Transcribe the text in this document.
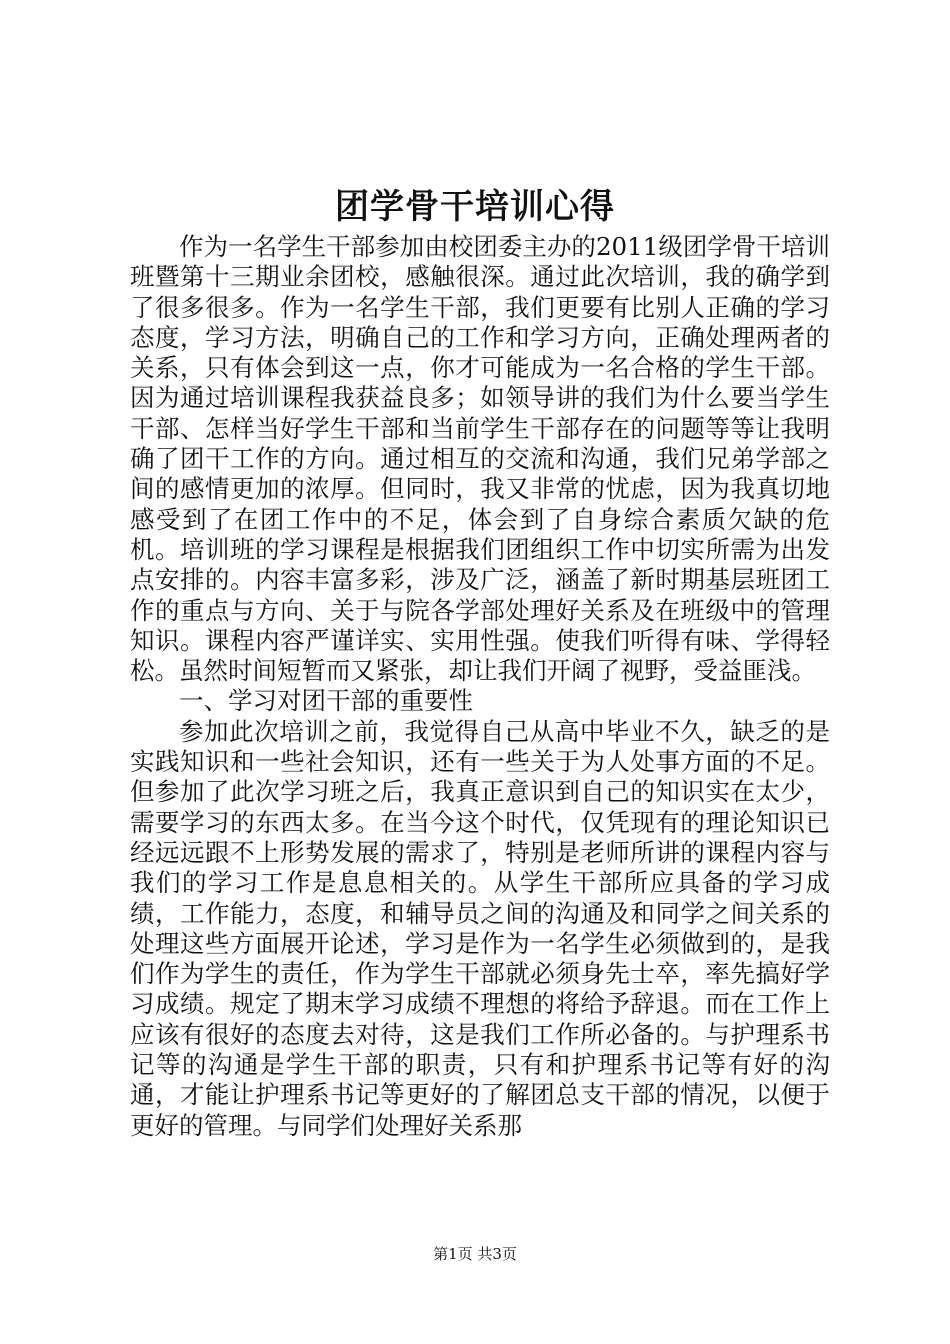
团学骨干培训心得

作为一名学生干部参加由校团委主办的2011级团学骨干培训班暨第十三期业余团校，感触很深。通过此次培训，我的确学到了很多很多。作为一名学生干部，我们更要有比别人正确的学习态度，学习方法，明确自己的工作和学习方向，正确处理两者的关系，只有体会到这一点，你才可能成为一名合格的学生干部。因为通过培训课程我获益良多；如领导讲的我们为什么要当学生干部、怎样当好学生干部和当前学生干部存在的问题等等让我明确了团干工作的方向。通过相互的交流和沟通，我们兄弟学部之间的感情更加的浓厚。但同时，我又非常的忧虑，因为我真切地感受到了在团工作中的不足，体会到了自身综合素质欠缺的危机。培训班的学习课程是根据我们团组织工作中切实所需为出发点安排的。内容丰富多彩，涉及广泛，涵盖了新时期基层班团工作的重点与方向、关于与院各学部处理好关系及在班级中的管理知识。课程内容严谨详实、实用性强。使我们听得有味、学得轻松。虽然时间短暂而又紧张，却让我们开阔了视野，受益匪浅。

一、学习对团干部的重要性

参加此次培训之前，我觉得自己从高中毕业不久，缺乏的是实践知识和一些社会知识，还有一些关于为人处事方面的不足。但参加了此次学习班之后，我真正意识到自己的知识实在太少，需要学习的东西太多。在当今这个时代，仅凭现有的理论知识已经远远跟不上形势发展的需求了，特别是老师所讲的课程内容与我们的学习工作是息息相关的。从学生干部所应具备的学习成绩，工作能力，态度，和辅导员之间的沟通及和同学之间关系的处理这些方面展开论述，学习是作为一名学生必须做到的，是我们作为学生的责任，作为学生干部就必须身先士卒，率先搞好学习成绩。规定了期末学习成绩不理想的将给予辞退。而在工作上应该有很好的态度去对待，这是我们工作所必备的。与护理系书记等的沟通是学生干部的职责，只有和护理系书记等有好的沟通，才能让护理系书记等更好的了解团总支干部的情况，以便于更好的管理。与同学们处理好关系那

第1页 共3页
